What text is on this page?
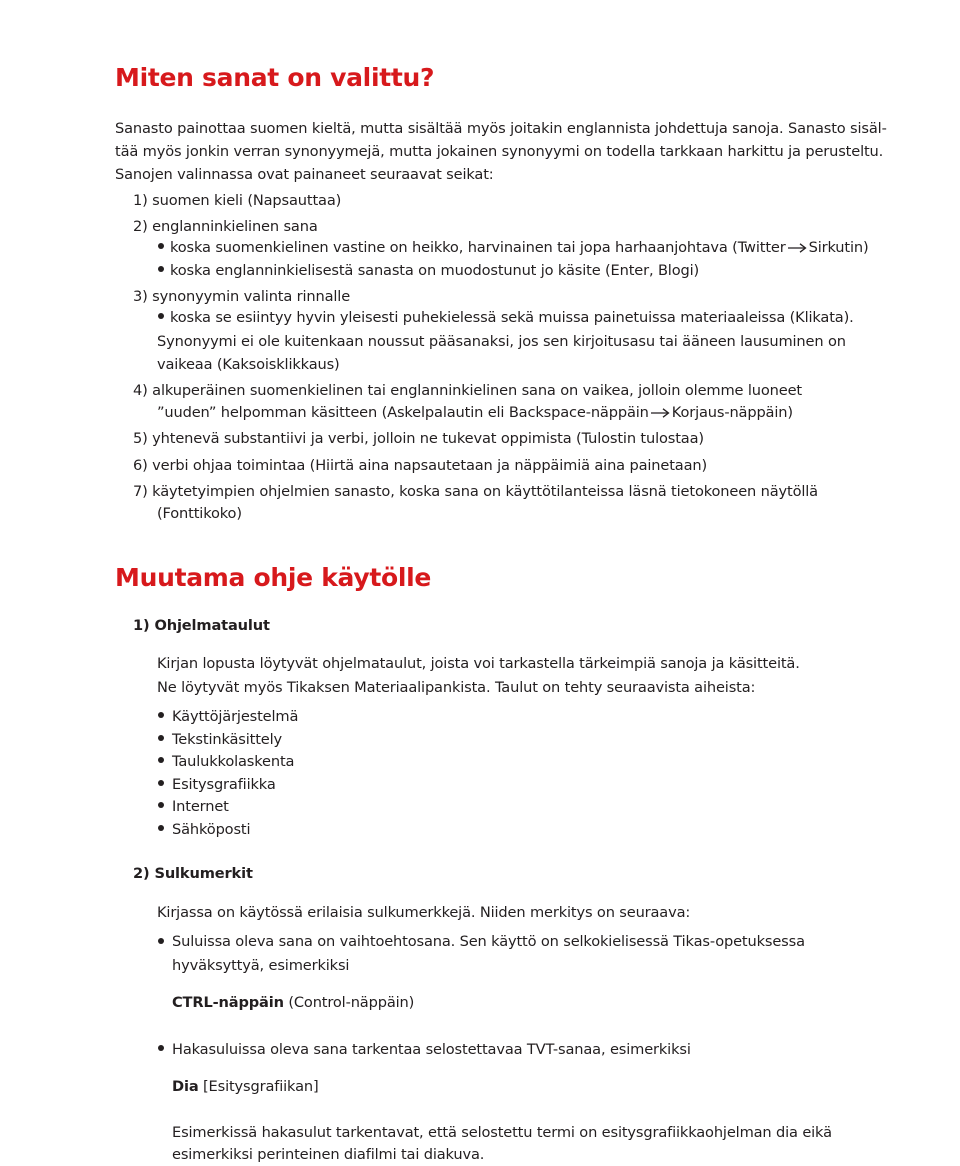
Miten sanat on valittu?

Sanasto painottaa suomen kieltä, mutta sisältää myös joitakin englannista johdettuja sanoja. Sanasto sisäl-

tää myös jonkin verran synonyymejä, mutta jokainen synonyymi on todella tarkkaan harkittu ja perusteltu.

Sanojen valinnassa ovat painaneet seuraavat seikat:

1) suomen kieli (Napsauttaa)

2) englanninkielinen sana

koska suomenkielinen vastine on heikko, harvinainen tai jopa harhaanjohtava (Twitter Sirkutin)

koska englanninkielisestä sanasta on muodostunut jo käsite (Enter, Blogi)

3) synonyymin valinta rinnalle

koska se esiintyy hyvin yleisesti puhekielessä sekä muissa painetuissa materiaaleissa (Klikata).

Synonyymi ei ole kuitenkaan noussut pääsanaksi, jos sen kirjoitusasu tai ääneen lausuminen on

vaikeaa (Kaksoisklikkaus)

4) alkuperäinen suomenkielinen tai englanninkielinen sana on vaikea, jolloin olemme luoneet

”uuden” helpomman käsitteen (Askelpalautin eli Backspace-näppäin Korjaus-näppäin)

5) yhtenevä substantiivi ja verbi, jolloin ne tukevat oppimista (Tulostin tulostaa)

6) verbi ohjaa toimintaa (Hiirtä aina napsautetaan ja näppäimiä aina painetaan)

7) käytetyimpien ohjelmien sanasto, koska sana on käyttötilanteissa läsnä tietokoneen näytöllä

(Fonttikoko)

Muutama ohje käytölle

1) Ohjelmataulut

Kirjan lopusta löytyvät ohjelmataulut, joista voi tarkastella tärkeimpiä sanoja ja käsitteitä.

Ne löytyvät myös Tikaksen Materiaalipankista. Taulut on tehty seuraavista aiheista:

Käyttöjärjestelmä

Tekstinkäsittely

Taulukkolaskenta

Esitysgrafiikka

Internet

Sähköposti

2) Sulkumerkit

Kirjassa on käytössä erilaisia sulkumerkkejä. Niiden merkitys on seuraava:

Suluissa oleva sana on vaihtoehtosana. Sen käyttö on selkokielisessä Tikas-opetuksessa

hyväksyttyä, esimerkiksi

CTRL-näppäin (Control-näppäin)

Hakasuluissa oleva sana tarkentaa selostettavaa TVT-sanaa, esimerkiksi

Dia [Esitysgrafiikan]

Esimerkissä hakasulut tarkentavat, että selostettu termi on esitysgrafiikkaohjelman dia eikä

esimerkiksi perinteinen diafilmi tai diakuva.
